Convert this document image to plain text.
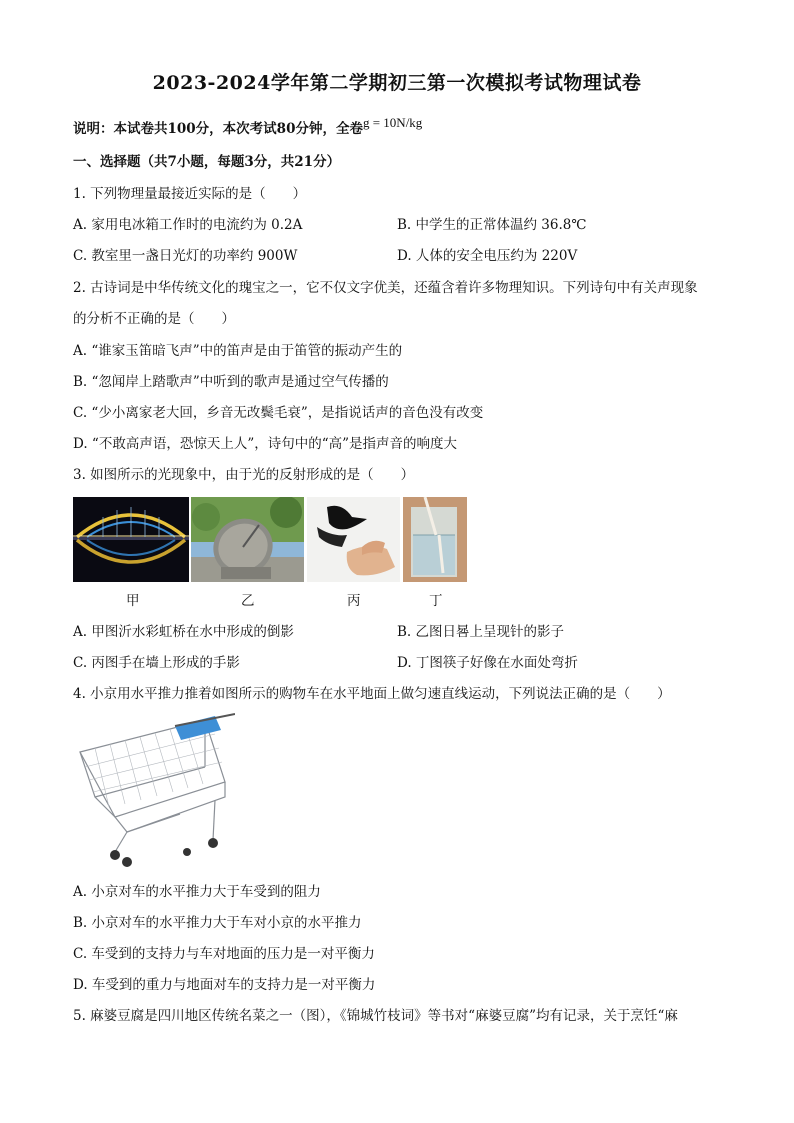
2023-2024学年第二学期初三第一次模拟考试物理试卷
说明：本试卷共100分，本次考试80分钟，全卷g = 10N/kg
一、选择题（共7小题，每题3分，共21分）
1. 下列物理量最接近实际的是（　　）
A. 家用电冰箱工作时的电流约为 0.2A	B. 中学生的正常体温约 36.8℃
C. 教室里一盏日光灯的功率约 900W	D. 人体的安全电压约为 220V
2. 古诗词是中华传统文化的瑰宝之一，它不仅文字优美，还蕴含着许多物理知识。下列诗句中有关声现象
的分析不正确的是（　　）
A. “谁家玉笛暗飞声”中的笛声是由于笛管的振动产生的
B. “忽闻岸上踏歌声”中听到的歌声是通过空气传播的
C. “少小离家老大回，乡音无改鬓毛衰”，是指说话声的音色没有改变
D. “不敢高声语，恐惊天上人”，诗句中的“高”是指声音的响度大
3. 如图所示的光现象中，由于光的反射形成的是（　　）
甲	乙	丙	丁
A. 甲图沂水彩虹桥在水中形成的倒影	B. 乙图日晷上呈现针的影子
C. 丙图手在墙上形成的手影	D. 丁图筷子好像在水面处弯折
4. 小京用水平推力推着如图所示的购物车在水平地面上做匀速直线运动，下列说法正确的是（　　）
A. 小京对车的水平推力大于车受到的阻力
B. 小京对车的水平推力大于车对小京的水平推力
C. 车受到的支持力与车对地面的压力是一对平衡力
D. 车受到的重力与地面对车的支持力是一对平衡力
5. 麻婆豆腐是四川地区传统名菜之一（图），《锦城竹枝词》等书对“麻婆豆腐”均有记录，关于烹饪“麻
